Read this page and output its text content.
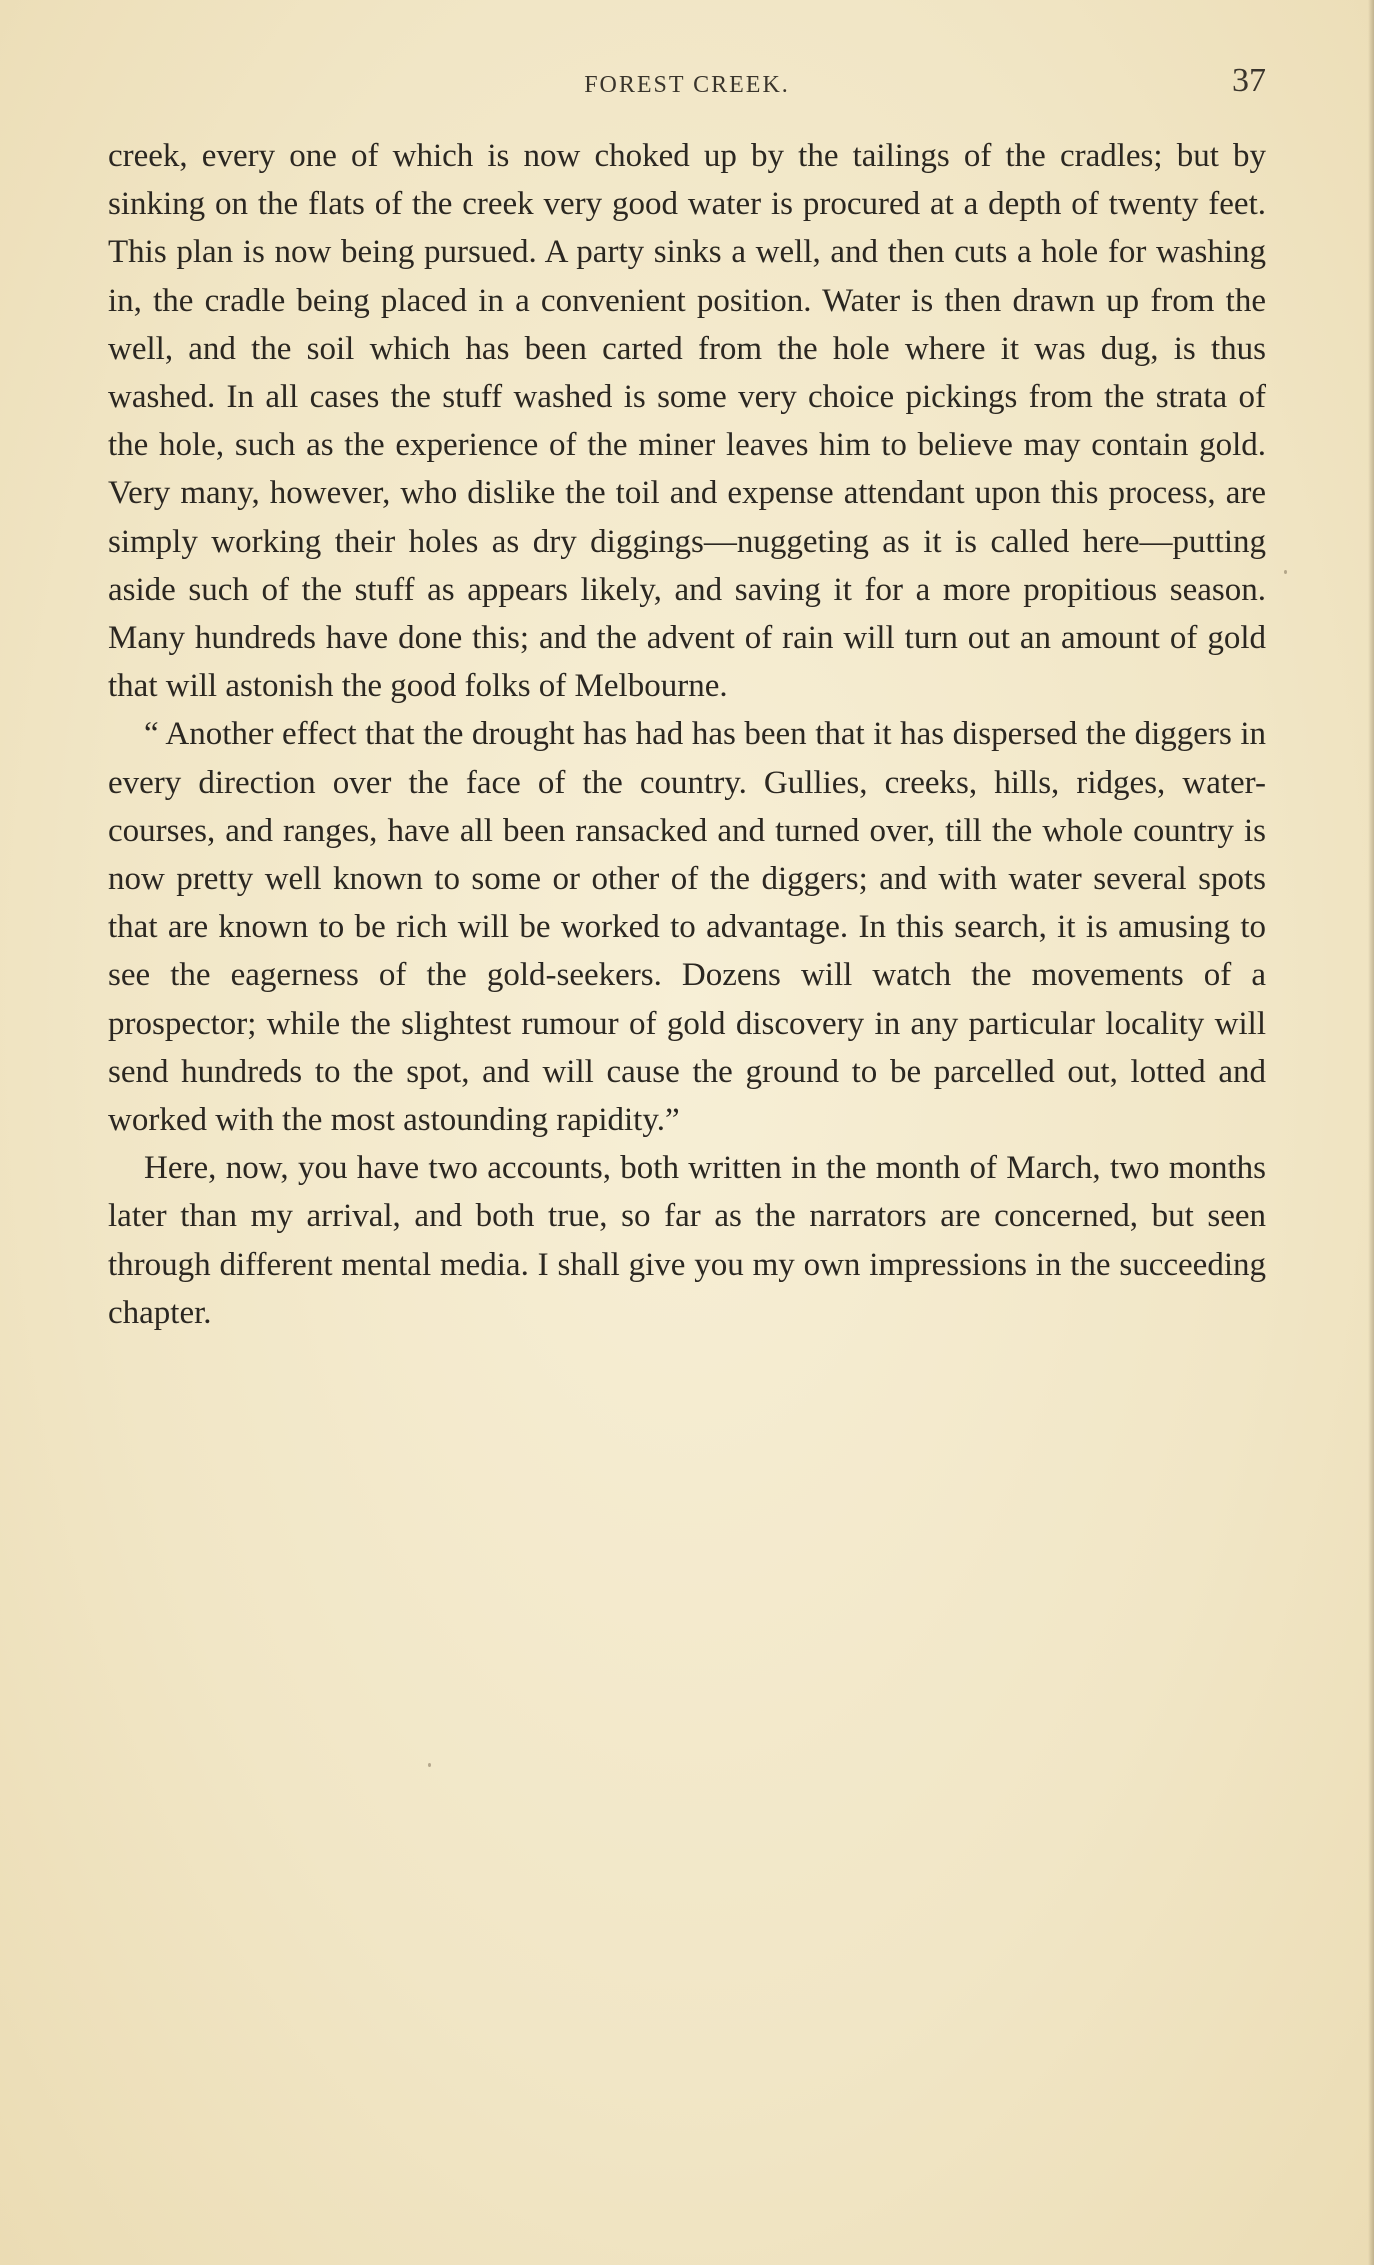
FOREST CREEK.	37

creek, every one of which is now choked up by the tailings of the cradles; but by sinking on the flats of the creek very good water is procured at a depth of twenty feet. This plan is now being pursued. A party sinks a well, and then cuts a hole for washing in, the cradle being placed in a convenient position. Water is then drawn up from the well, and the soil which has been carted from the hole where it was dug, is thus washed. In all cases the stuff washed is some very choice pickings from the strata of the hole, such as the experience of the miner leaves him to believe may contain gold. Very many, however, who dislike the toil and expense attendant upon this process, are simply working their holes as dry diggings—nuggeting as it is called here—putting aside such of the stuff as appears likely, and saving it for a more propitious season. Many hundreds have done this; and the advent of rain will turn out an amount of gold that will astonish the good folks of Melbourne.

“ Another effect that the drought has had has been that it has dispersed the diggers in every direction over the face of the country. Gullies, creeks, hills, ridges, water-courses, and ranges, have all been ransacked and turned over, till the whole country is now pretty well known to some or other of the diggers; and with water several spots that are known to be rich will be worked to advantage. In this search, it is amusing to see the eagerness of the gold-seekers. Dozens will watch the movements of a prospector; while the slightest rumour of gold discovery in any particular locality will send hundreds to the spot, and will cause the ground to be parcelled out, lotted and worked with the most astounding rapidity.”

Here, now, you have two accounts, both written in the month of March, two months later than my arrival, and both true, so far as the narrators are concerned, but seen through different mental media. I shall give you my own impressions in the succeeding chapter.
